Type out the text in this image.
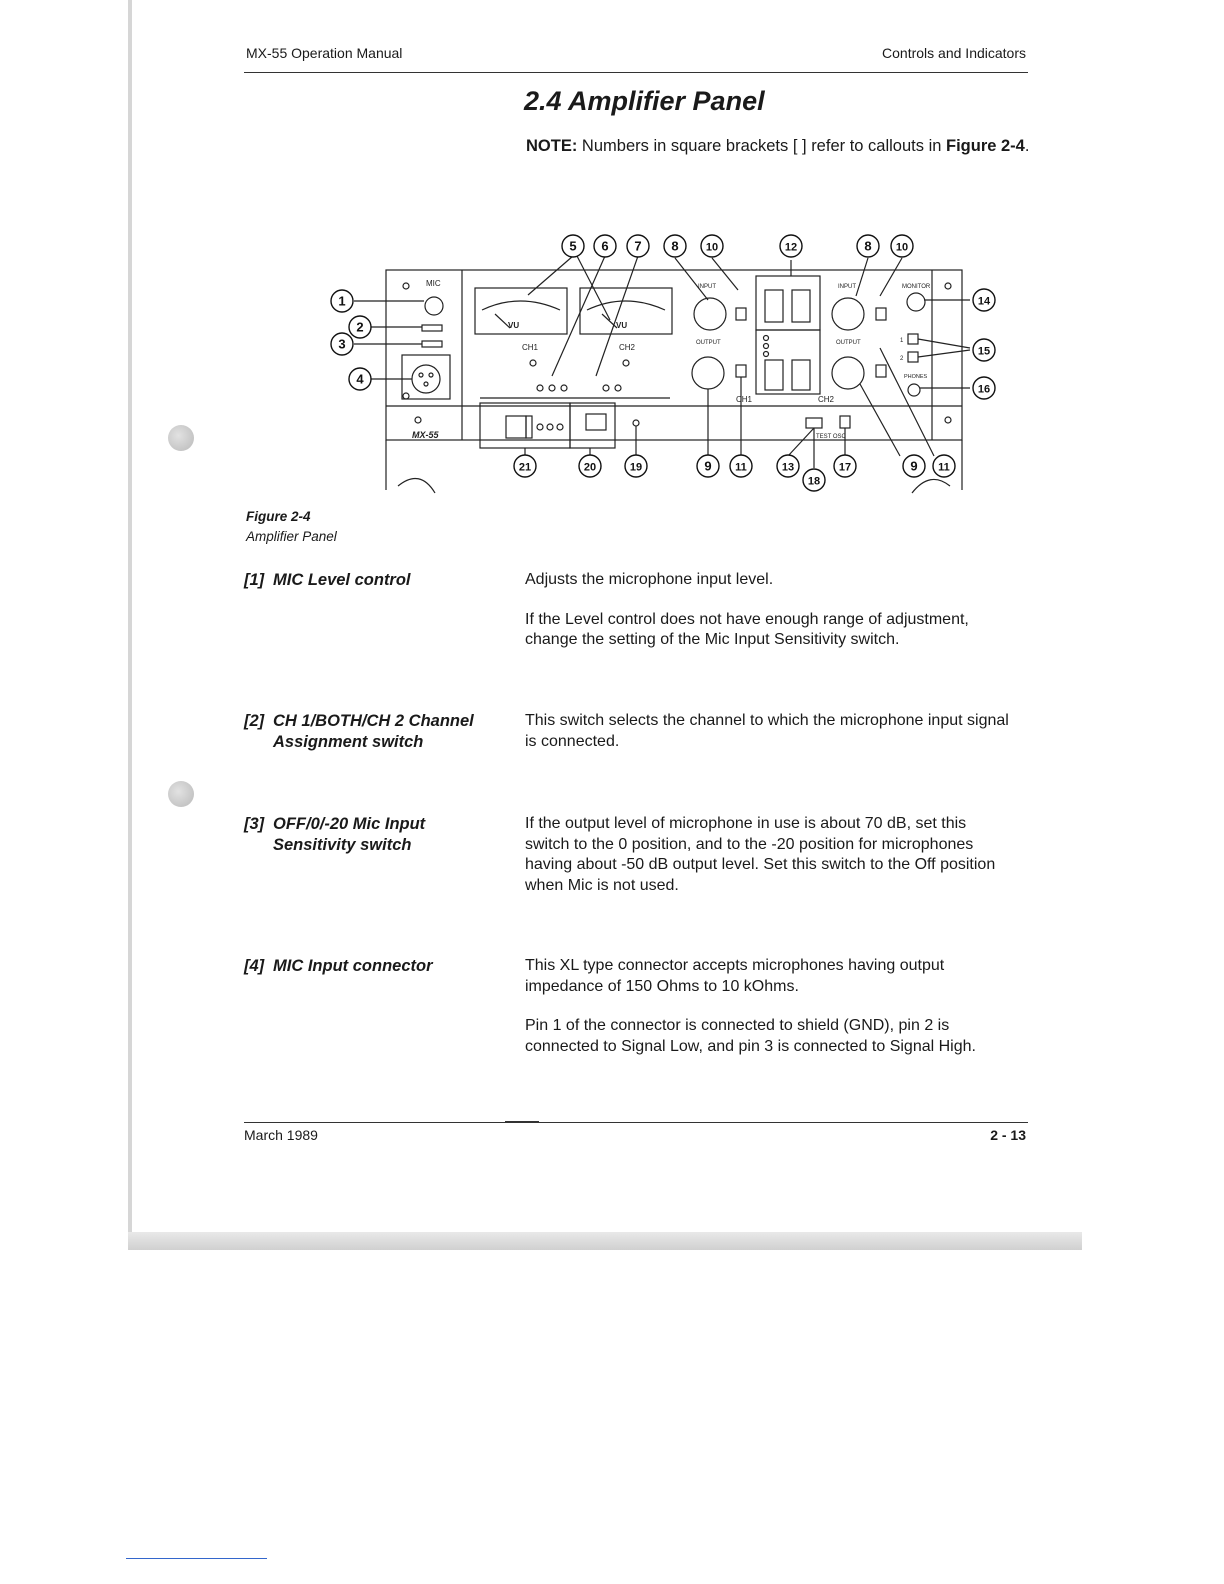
MX-55 Operation Manual	Controls and Indicators
2.4 Amplifier Panel
NOTE: Numbers in square brackets [ ] refer to callouts in Figure 2-4.
MIC
VU	VU
CH1	CH2
INPUT
OUTPUT
INPUT
OUTPUT
CH1	CH2
MONITOR
1
2
PHONES
TEST OSC
MX-55
1
2
3
4
5 6 7 8 10	12	8 10
14
15
16
21	20	19	9 11	13
18
17	9 11
Figure 2-4
Amplifier Panel
[1] MIC Level control	Adjusts the microphone input level.

If the Level control does not have enough range of adjustment, change the setting of the Mic Input Sensitivity switch.

[2] CH 1/BOTH/CH 2 Channel
Assignment switch

This switch selects the channel to which the microphone input signal is connected.

[3] OFF/0/-20 Mic Input
Sensitivity switch

If the output level of microphone in use is about 70 dB, set this switch to the 0 position, and to the -20 position for microphones having about -50 dB output level. Set this switch to the Off position when Mic is not used.

[4] MIC Input connector	This XL type connector accepts microphones having output impedance of 150 Ohms to 10 kOhms.

Pin 1 of the connector is connected to shield (GND), pin 2 is connected to Signal Low, and pin 3 is connected to Signal High.

March 1989	2 - 13
